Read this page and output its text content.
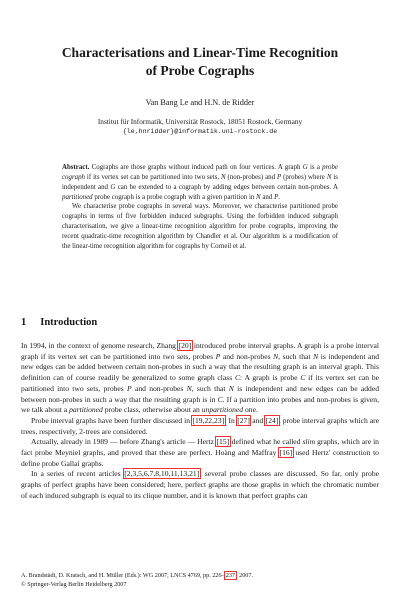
Characterisations and Linear-Time Recognition
of Probe Cographs
Van Bang Le and H.N. de Ridder
Institut für Informatik, Universität Rostock, 18051 Rostock, Germany
{le,hnridder}@informatik.uni-rostock.de

Abstract. Cographs are those graphs without induced path on four vertices. A graph G is a probe cograph if its vertex set can be partitioned into two sets, N (non-probes) and P (probes) where N is independent and G can be extended to a cograph by adding edges between certain non-probes. A partitioned probe cograph is a probe cograph with a given partition in N and P.

We characterise probe cographs in several ways. Moreover, we characterise partitioned probe cographs in terms of five forbidden induced subgraphs. Using the forbidden induced subgraph characterisation, we give a linear-time recognition algorithm for probe cographs, improving the recent quadratic-time recognition algorithm by Chandler et al. Our algorithm is a modification of the linear-time recognition algorithm for cographs by Corneil et al.

1 Introduction

In 1994, in the context of genome research, Zhang [20] introduced probe interval graphs. A graph is a probe interval graph if its vertex set can be partitioned into two sets, probes P and non-probes N, such that N is independent and new edges can be added between certain non-probes in such a way that the resulting graph is an interval graph. This definition can of course readily be generalized to some graph class C: A graph is probe C if its vertex set can be partitioned into two sets, probes P and non-probes N, such that N is independent and new edges can be added between non-probes in such a way that the resulting graph is in C. If a partition into probes and non-probes is given, we talk about a partitioned probe class, otherwise about an unpartitioned one.

Probe interval graphs have been further discussed in [19,22,23]. In [27] and [24], probe interval graphs which are trees, respectively, 2-trees are considered.

Actually, already in 1989 — before Zhang's article — Hertz [15] defined what he called slim graphs, which are in fact probe Meyniel graphs, and proved that these are perfect. Hoàng and Maffray [16] used Hertz' construction to define probe Gallai graphs.

In a series of recent articles [2,3,5,6,7,8,10,11,13,21], several probe classes are discussed. So far, only probe graphs of perfect graphs have been considered; here, perfect graphs are those graphs in which the chromatic number of each induced subgraph is equal to its clique number, and it is known that perfect graphs can

A. Brandstädt, D. Kratsch, and H. Müller (Eds.): WG 2007, LNCS 4769, pp. 226–237, 2007.

© Springer-Verlag Berlin Heidelberg 2007
